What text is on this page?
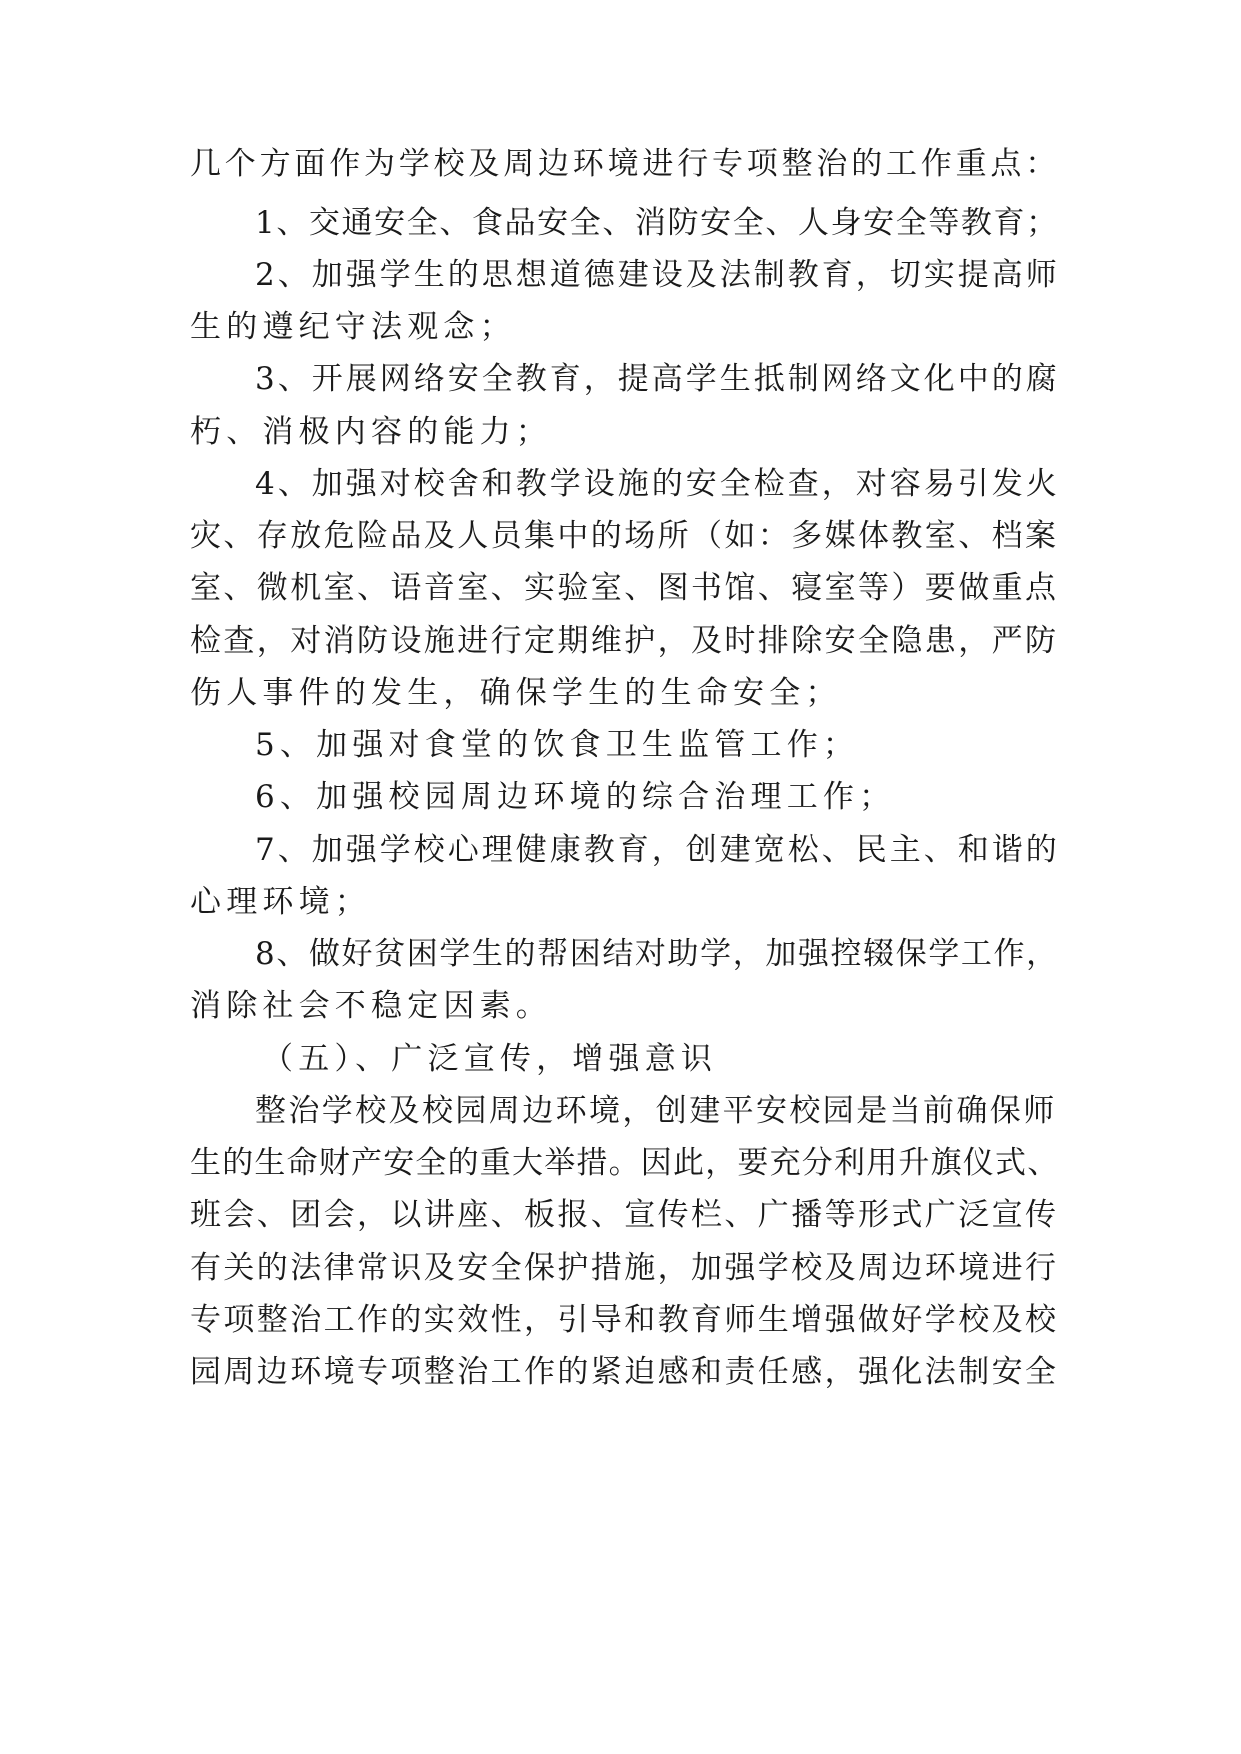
几个方面作为学校及周边环境进行专项整治的工作重点：
1、交通安全、食品安全、消防安全、人身安全等教育；
2、加强学生的思想道德建设及法制教育，切实提高师
生的遵纪守法观念；
3、开展网络安全教育，提高学生抵制网络文化中的腐
朽、消极内容的能力；
4、加强对校舍和教学设施的安全检查，对容易引发火
灾、存放危险品及人员集中的场所（如：多媒体教室、档案
室、微机室、语音室、实验室、图书馆、寝室等）要做重点
检查，对消防设施进行定期维护，及时排除安全隐患，严防
伤人事件的发生，确保学生的生命安全；
5、加强对食堂的饮食卫生监管工作；
6、加强校园周边环境的综合治理工作；
7、加强学校心理健康教育，创建宽松、民主、和谐的
心理环境；
8、做好贫困学生的帮困结对助学，加强控辍保学工作，
消除社会不稳定因素。
（五）、广泛宣传，增强意识
整治学校及校园周边环境，创建平安校园是当前确保师
生的生命财产安全的重大举措。因此，要充分利用升旗仪式、
班会、团会，以讲座、板报、宣传栏、广播等形式广泛宣传
有关的法律常识及安全保护措施，加强学校及周边环境进行
专项整治工作的实效性，引导和教育师生增强做好学校及校
园周边环境专项整治工作的紧迫感和责任感，强化法制安全
